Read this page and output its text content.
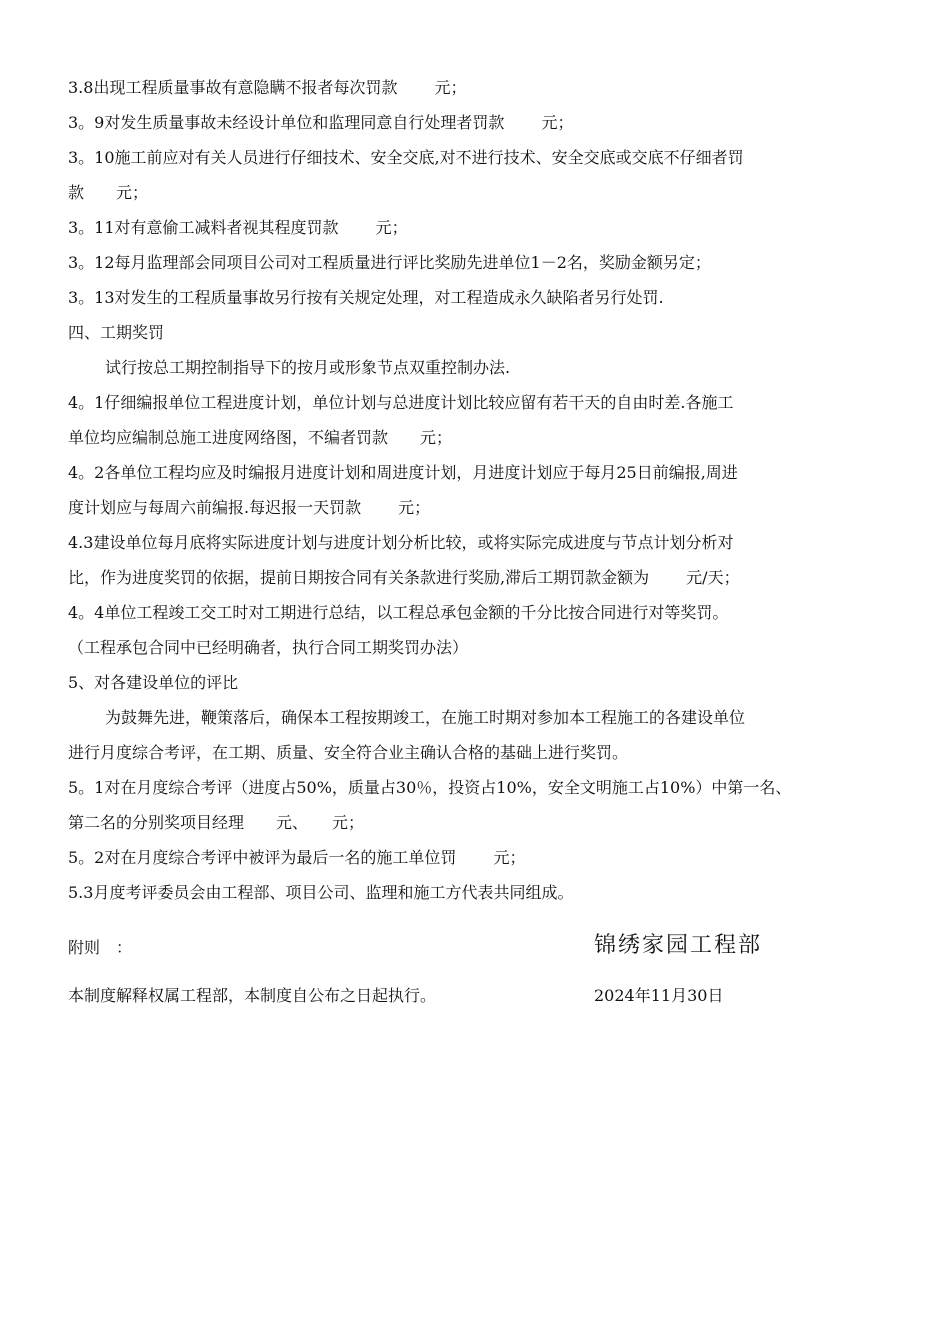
3.8出现工程质量事故有意隐瞒不报者每次罚款　　 元；
3。9对发生质量事故未经设计单位和监理同意自行处理者罚款　　 元；
3。10施工前应对有关人员进行仔细技术、安全交底,对不进行技术、安全交底或交底不仔细者罚
款　　元；
3。11对有意偷工减料者视其程度罚款　　 元；
3。12每月监理部会同项目公司对工程质量进行评比奖励先进单位1－2名，奖励金额另定；
3。13对发生的工程质量事故另行按有关规定处理，对工程造成永久缺陷者另行处罚.
四、工期奖罚
试行按总工期控制指导下的按月或形象节点双重控制办法.
4。1仔细编报单位工程进度计划，单位计划与总进度计划比较应留有若干天的自由时差.各施工
单位均应编制总施工进度网络图，不编者罚款　　元；
4。2各单位工程均应及时编报月进度计划和周进度计划，月进度计划应于每月25日前编报,周进
度计划应与每周六前编报.每迟报一天罚款　　 元；
4.3建设单位每月底将实际进度计划与进度计划分析比较，或将实际完成进度与节点计划分析对
比，作为进度奖罚的依据，提前日期按合同有关条款进行奖励,滞后工期罚款金额为　　 元/天；
4。4单位工程竣工交工时对工期进行总结，以工程总承包金额的千分比按合同进行对等奖罚。
（工程承包合同中已经明确者，执行合同工期奖罚办法）
5、对各建设单位的评比
为鼓舞先进，鞭策落后，确保本工程按期竣工，在施工时期对参加本工程施工的各建设单位
进行月度综合考评，在工期、质量、安全符合业主确认合格的基础上进行奖罚。
5。1对在月度综合考评（进度占50%，质量占30％，投资占10%，安全文明施工占10%）中第一名、
第二名的分别奖项目经理　　元、　　元；
5。2对在月度综合考评中被评为最后一名的施工单位罚　　 元；
5.3月度考评委员会由工程部、项目公司、监理和施工方代表共同组成。
附则　：
本制度解释权属工程部，本制度自公布之日起执行。
锦绣家园工程部
2024年11月30日
